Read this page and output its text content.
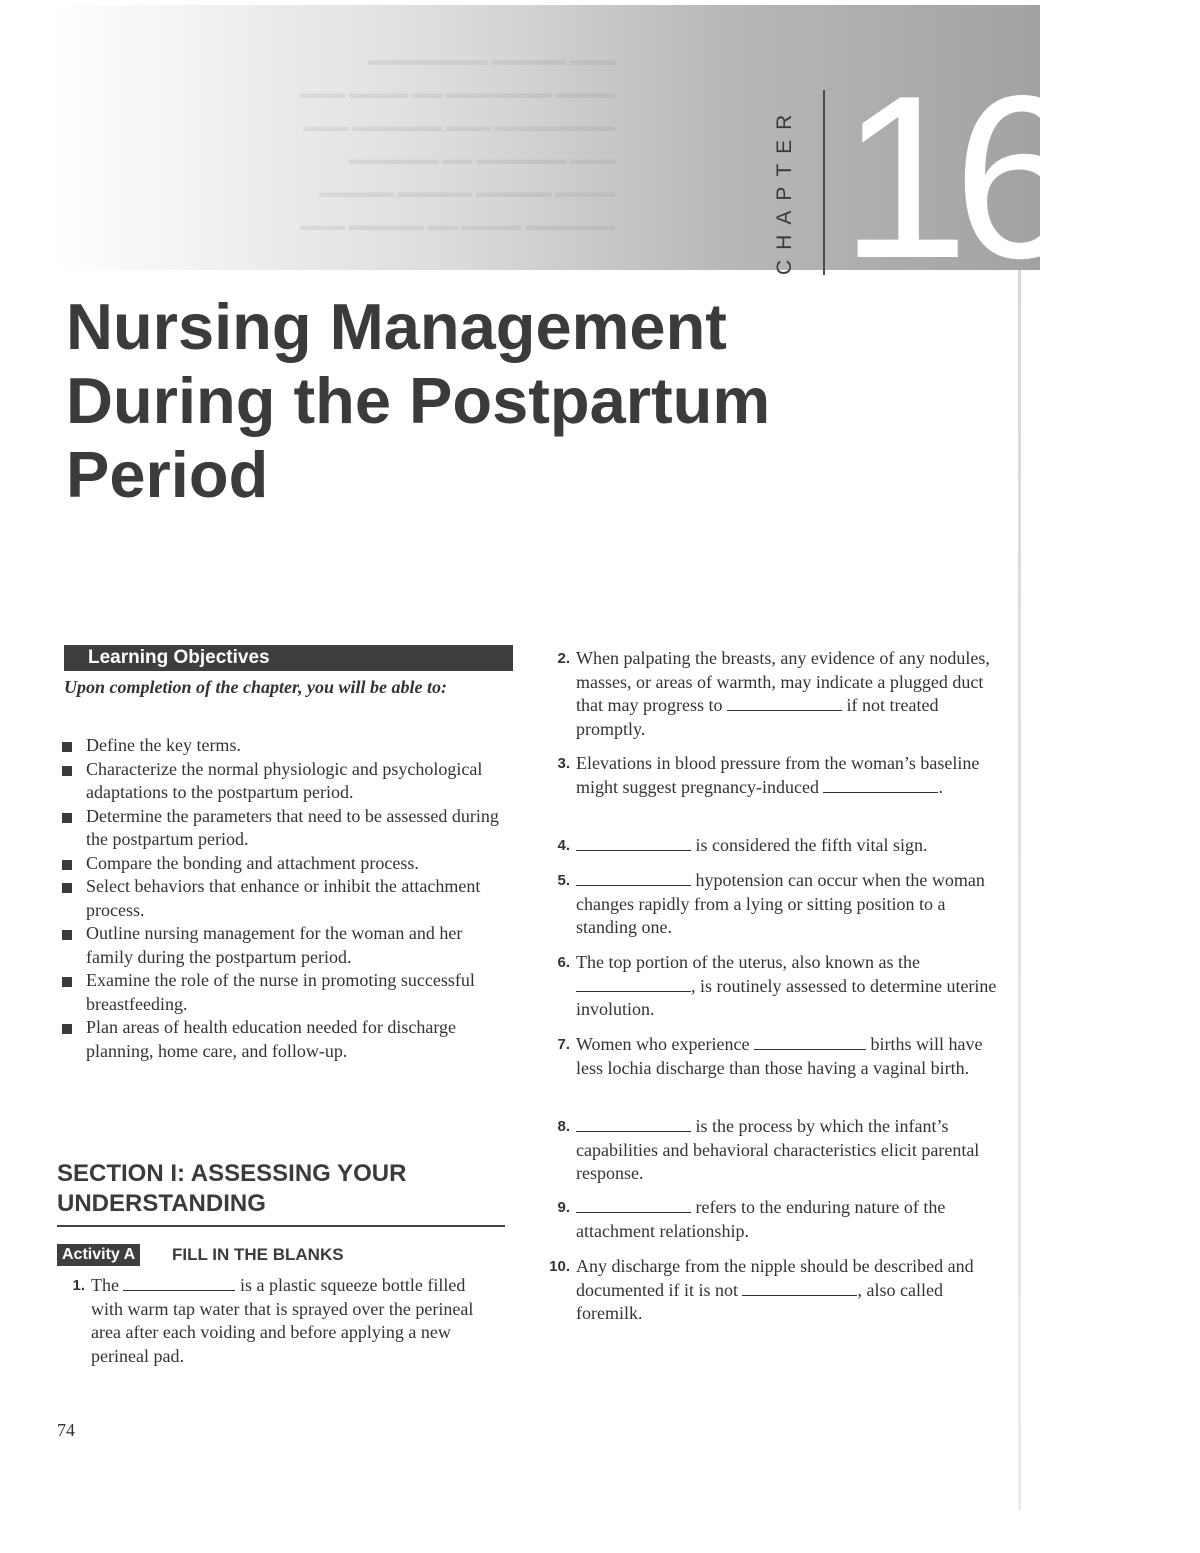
▬▬▬ ▬▬▬▬▬ ▬▬▬▬▬▬▬▬
▬▬▬▬ ▬▬▬▬▬▬▬ ▬▬ ▬▬▬▬ ▬▬▬
▬▬▬▬▬▬▬▬ ▬▬▬ ▬▬▬▬▬▬ ▬▬▬
▬▬▬ ▬▬▬▬▬▬ ▬▬ ▬▬▬▬▬▬
▬▬▬▬ ▬▬▬▬▬ ▬▬▬▬▬ ▬▬▬▬▬
▬▬▬▬▬▬ ▬▬▬▬ ▬▬ ▬▬▬▬▬ ▬▬▬	CHAPTER 16
Nursing Management
During the Postpartum
Period
Learning Objectives
Upon completion of the chapter, you will be able to:
Define the key terms.
Characterize the normal physiologic and psychological adaptations to the postpartum period.
Determine the parameters that need to be assessed during the postpartum period.
Compare the bonding and attachment process.
Select behaviors that enhance or inhibit the attachment process.
Outline nursing management for the woman and her family during the postpartum period.
Examine the role of the nurse in promoting successful breastfeeding.
Plan areas of health education needed for discharge planning, home care, and follow-up.
SECTION I: ASSESSING YOUR UNDERSTANDING
Activity A FILL IN THE BLANKS
1. The	is a plastic squeeze bottle filled with warm tap water that is sprayed over the perineal area after each voiding and before applying a new perineal pad.
2. When palpating the breasts, any evidence of any nodules, masses, or areas of warmth, may indicate a plugged duct that may progress to	if not treated promptly.
3. Elevations in blood pressure from the woman’s baseline might suggest pregnancy-induced	.
4.	is considered the fifth vital sign.
5.	hypotension can occur when the woman changes rapidly from a lying or sitting position to a standing one.
6. The top portion of the uterus, also known as the , is routinely assessed to determine uterine involution.
7. Women who experience	births will have less lochia discharge than those having a vaginal birth.
8.	is the process by which the infant’s capabilities and behavioral characteristics elicit parental response.
9.	refers to the enduring nature of the attachment relationship.
10. Any discharge from the nipple should be described and documented if it is not	, also called foremilk.
74
